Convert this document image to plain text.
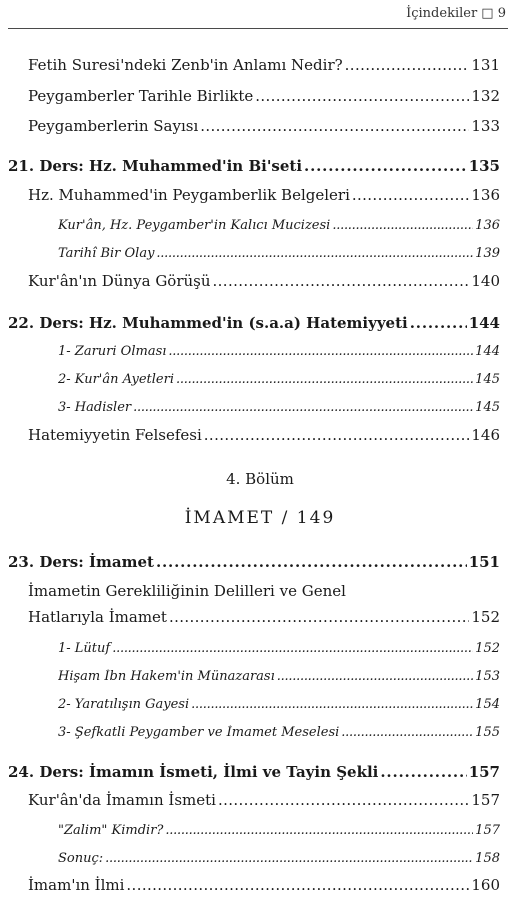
İçindekiler □ 9
Fetih Suresi'ndeki Zenb'in Anlamı Nedir? . . .	131
Peygamberler Tarihle Birlikte . . .	132
Peygamberlerin Sayısı . . .	133
21. Ders: Hz. Muhammed'in Bi'seti . . .	135
Hz. Muhammed'in Peygamberlik Belgeleri . . .	136
Kur'ân, Hz. Peygamber'in Kalıcı Mucizesi . . .	136
Tarihî Bir Olay . . .	139
Kur'ân'ın Dünya Görüşü . . .	140
22. Ders: Hz. Muhammed'in (s.a.a) Hatemiyyeti . . .	144
1- Zaruri Olması . . .	144
2- Kur'ân Ayetleri . . .	145
3- Hadisler . . .	145
Hatemiyyetin Felsefesi . . .	146
4. Bölüm
İMAMET / 149
23. Ders: İmamet . . .	151
İmametin Gerekliliğinin Delilleri ve Genel
Hatlarıyla İmamet . . .	152
1- Lütuf . . .	152
Hişam İbn Hakem'in Münazarası . . .	153
2- Yaratılışın Gayesi . . .	154
3- Şefkatli Peygamber ve İmamet Meselesi . . .	155
24. Ders: İmamın İsmeti, İlmi ve Tayin Şekli . . .	157
Kur'ân'da İmamın İsmeti . . .	157
"Zalim" Kimdir? . . .	157
Sonuç: . . .	158
İmam'ın İlmi . . .	160
